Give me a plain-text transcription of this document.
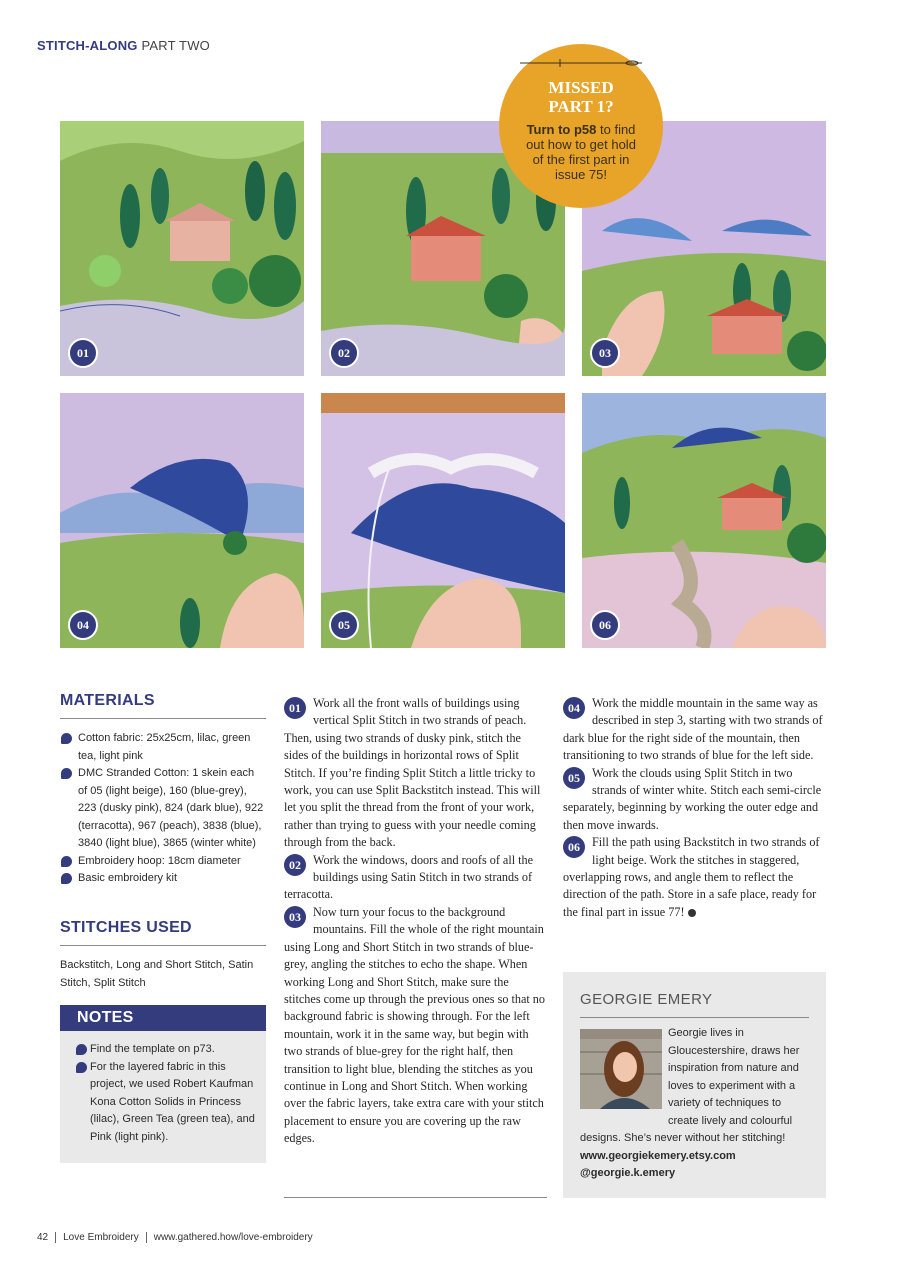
STITCH-ALONG PART TWO
MISSED
PART 1?
Turn to p58 to find out how to get hold of the first part in issue 75!
01	02	03
04	05	06
MATERIALS
Cotton fabric: 25x25cm, lilac, green tea, light pink
DMC Stranded Cotton: 1 skein each of 05 (light beige), 160 (blue-grey), 223 (dusky pink), 824 (dark blue), 922 (terracotta), 967 (peach), 3838 (blue), 3840 (light blue), 3865 (winter white)
Embroidery hoop: 18cm diameter
Basic embroidery kit
STITCHES USED
Backstitch, Long and Short Stitch, Satin Stitch, Split Stitch
NOTES
Find the template on p73.
For the layered fabric in this project, we used Robert Kaufman Kona Cotton Solids in Princess (lilac), Green Tea (green tea), and Pink (light pink).

01 Work all the front walls of buildings using vertical Split Stitch in two strands of peach. Then, using two strands of dusky pink, stitch the sides of the buildings in horizontal rows of Split Stitch. If you’re finding Split Stitch a little tricky to work, you can use Split Backstitch instead. This will let you split the thread from the front of your work, rather than trying to guess with your needle coming through from the back.

02 Work the windows, doors and roofs of all the buildings using Satin Stitch in two strands of terracotta.

03 Now turn your focus to the background mountains. Fill the whole of the right mountain using Long and Short Stitch in two strands of blue-grey, angling the stitches to echo the shape. When working Long and Short Stitch, make sure the stitches come up through the previous ones so that no background fabric is showing through. For the left mountain, work it in the same way, but begin with two strands of blue-grey for the right half, then transition to light blue, blending the stitches as you continue in Long and Short Stitch. When working over the fabric layers, take extra care with your stitch placement to ensure you are covering up the raw edges.

04 Work the middle mountain in the same way as described in step 3, starting with two strands of dark blue for the right side of the mountain, then transitioning to two strands of blue for the left side.

05 Work the clouds using Split Stitch in two strands of winter white. Stitch each semi-circle separately, beginning by working the outer edge and then move inwards.

06 Fill the path using Backstitch in two strands of light beige. Work the stitches in staggered, overlapping rows, and angle them to reflect the direction of the path. Store in a safe place, ready for the final part in issue 77!

GEORGIE EMERY
Georgie lives in Gloucestershire, draws her inspiration from nature and loves to experiment with a variety of techniques to create lively and colourful designs. She’s never without her stitching!
www.georgiekemery.etsy.com
@georgie.k.emery
42 Love Embroidery www.gathered.how/love-embroidery
